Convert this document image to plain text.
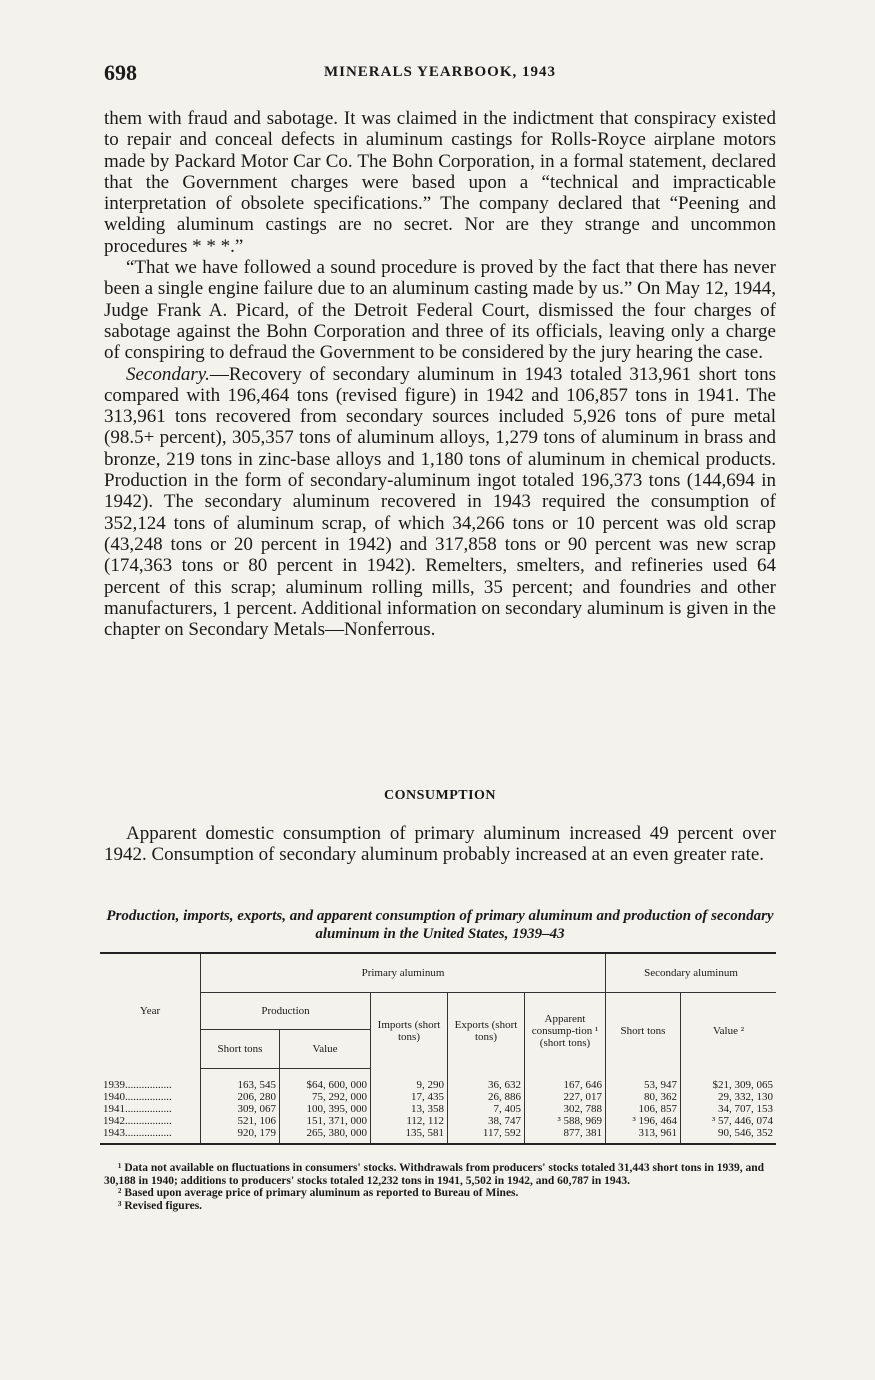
698	MINERALS YEARBOOK, 1943

them with fraud and sabotage. It was claimed in the indictment that conspiracy existed to repair and conceal defects in aluminum castings for Rolls-Royce airplane motors made by Packard Motor Car Co. The Bohn Corporation, in a formal statement, declared that the Government charges were based upon a “technical and impracticable interpretation of obsolete specifications.” The company declared that “Peening and welding aluminum castings are no secret. Nor are they strange and uncommon procedures * * *.”

“That we have followed a sound procedure is proved by the fact that there has never been a single engine failure due to an aluminum casting made by us.” On May 12, 1944, Judge Frank A. Picard, of the Detroit Federal Court, dismissed the four charges of sabotage against the Bohn Corporation and three of its officials, leaving only a charge of conspiring to defraud the Government to be considered by the jury hearing the case.

Secondary.—Recovery of secondary aluminum in 1943 totaled 313,961 short tons compared with 196,464 tons (revised figure) in 1942 and 106,857 tons in 1941. The 313,961 tons recovered from secondary sources included 5,926 tons of pure metal (98.5+ percent), 305,357 tons of aluminum alloys, 1,279 tons of aluminum in brass and bronze, 219 tons in zinc-base alloys and 1,180 tons of aluminum in chemical products. Production in the form of secondary-aluminum ingot totaled 196,373 tons (144,694 in 1942). The secondary aluminum recovered in 1943 required the consumption of 352,124 tons of aluminum scrap, of which 34,266 tons or 10 percent was old scrap (43,248 tons or 20 percent in 1942) and 317,858 tons or 90 percent was new scrap (174,363 tons or 80 percent in 1942). Remelters, smelters, and refineries used 64 percent of this scrap; aluminum rolling mills, 35 percent; and foundries and other manufacturers, 1 percent. Additional information on secondary aluminum is given in the chapter on Secondary Metals—Nonferrous.

CONSUMPTION

Apparent domestic consumption of primary aluminum increased 49 percent over 1942. Consumption of secondary aluminum probably increased at an even greater rate.

Production, imports, exports, and apparent consumption of primary aluminum and production of secondary aluminum in the United States, 1939–43
Year	Primary aluminum					Secondary aluminum	
	Production		Imports (short tons)	Exports (short tons)	Apparent consump-tion ¹ (short tons)	Short tons	Value ²
	Short tons	Value					
1939.................	163, 545	$64, 600, 000	9, 290	36, 632	167, 646	53, 947	$21, 309, 065
1940.................	206, 280	75, 292, 000	17, 435	26, 886	227, 017	80, 362	29, 332, 130
1941.................	309, 067	100, 395, 000	13, 358	7, 405	302, 788	106, 857	34, 707, 153
1942.................	521, 106	151, 371, 000	112, 112	38, 747	³ 588, 969	³ 196, 464	³ 57, 446, 074
1943.................	920, 179	265, 380, 000	135, 581	117, 592	877, 381	313, 961	90, 546, 352

¹ Data not available on fluctuations in consumers' stocks. Withdrawals from producers' stocks totaled 31,443 short tons in 1939, and 30,188 in 1940; additions to producers' stocks totaled 12,232 tons in 1941, 5,502 in 1942, and 60,787 in 1943.

² Based upon average price of primary aluminum as reported to Bureau of Mines.

³ Revised figures.
